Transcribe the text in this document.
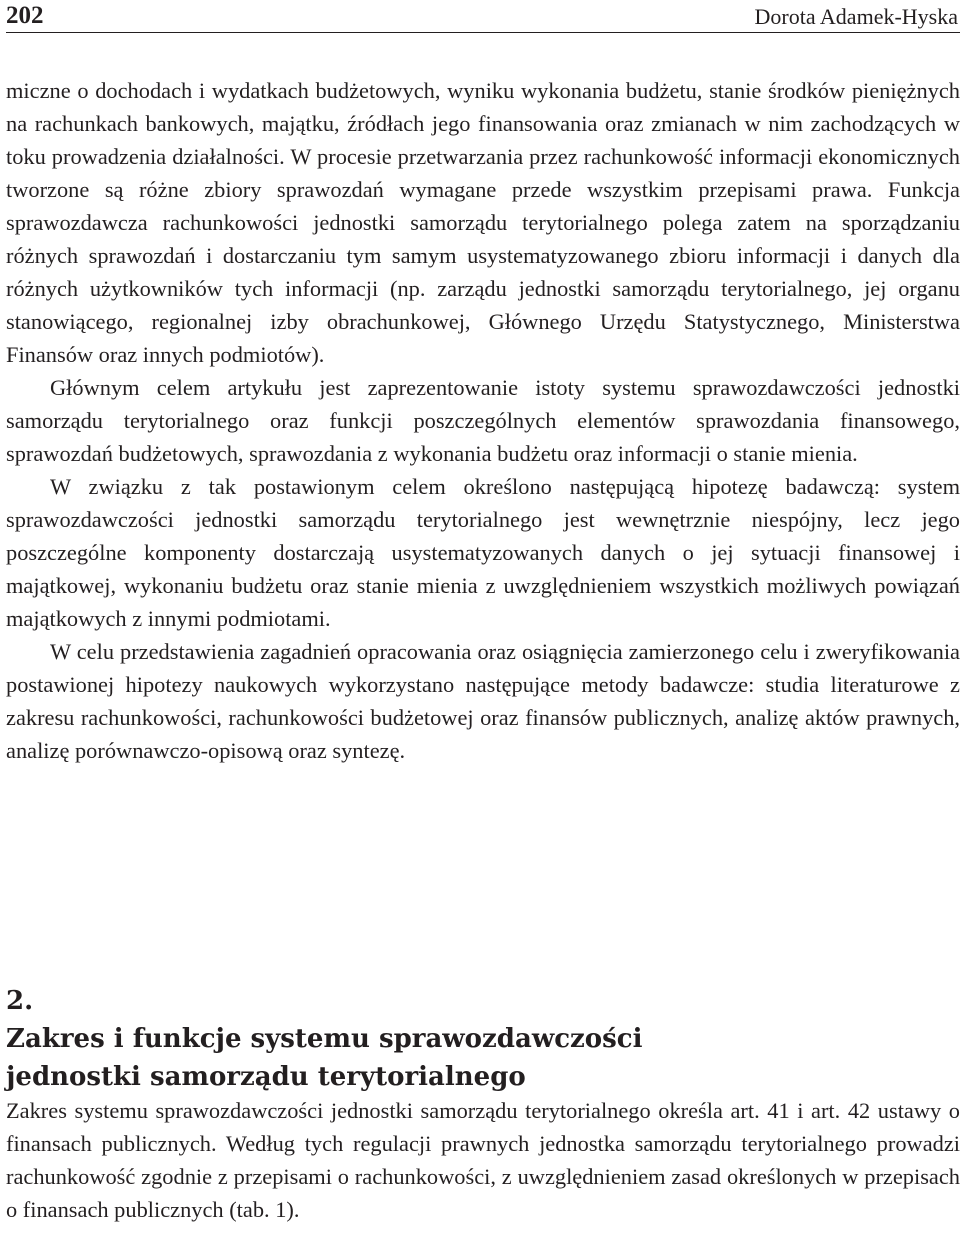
202	Dorota Adamek-Hyska

miczne o dochodach i wydatkach budżetowych, wyniku wykonania budżetu, stanie środków pieniężnych na rachunkach bankowych, majątku, źródłach jego finansowania oraz zmianach w nim zachodzących w toku prowadzenia działalności. W procesie przetwarzania przez rachunkowość informacji ekonomicznych tworzone są różne zbiory sprawozdań wymagane przede wszystkim przepisami prawa. Funkcja sprawozdawcza rachunkowości jednostki samorządu terytorialnego polega zatem na sporządzaniu różnych sprawozdań i dostarczaniu tym samym usystematyzowanego zbioru informacji i danych dla różnych użytkowników tych informacji (np. zarządu jednostki samorządu terytorialnego, jej organu stanowiącego, regionalnej izby obrachunkowej, Głównego Urzędu Statystycznego, Ministerstwa Finansów oraz innych podmiotów).

Głównym celem artykułu jest zaprezentowanie istoty systemu sprawozdawczości jednostki samorządu terytorialnego oraz funkcji poszczególnych elementów sprawozdania finansowego, sprawozdań budżetowych, sprawozdania z wykonania budżetu oraz informacji o stanie mienia.

W związku z tak postawionym celem określono następującą hipotezę badawczą: system sprawozdawczości jednostki samorządu terytorialnego jest wewnętrznie niespójny, lecz jego poszczególne komponenty dostarczają usystematyzowanych danych o jej sytuacji finansowej i majątkowej, wykonaniu budżetu oraz stanie mienia z uwzględnieniem wszystkich możliwych powiązań majątkowych z innymi podmiotami.

W celu przedstawienia zagadnień opracowania oraz osiągnięcia zamierzonego celu i zweryfikowania postawionej hipotezy naukowych wykorzystano następujące metody badawcze: studia literaturowe z zakresu rachunkowości, rachunkowości budżetowej oraz finansów publicznych, analizę aktów prawnych, analizę porównawczo-opisową oraz syntezę.

2.
Zakres i funkcje systemu sprawozdawczości
jednostki samorządu terytorialnego

Zakres systemu sprawozdawczości jednostki samorządu terytorialnego określa art. 41 i art. 42 ustawy o finansach publicznych. Według tych regulacji prawnych jednostka samorządu terytorialnego prowadzi rachunkowość zgodnie z przepisami o rachunkowości, z uwzględnieniem zasad określonych w przepisach o finansach publicznych (tab. 1).
